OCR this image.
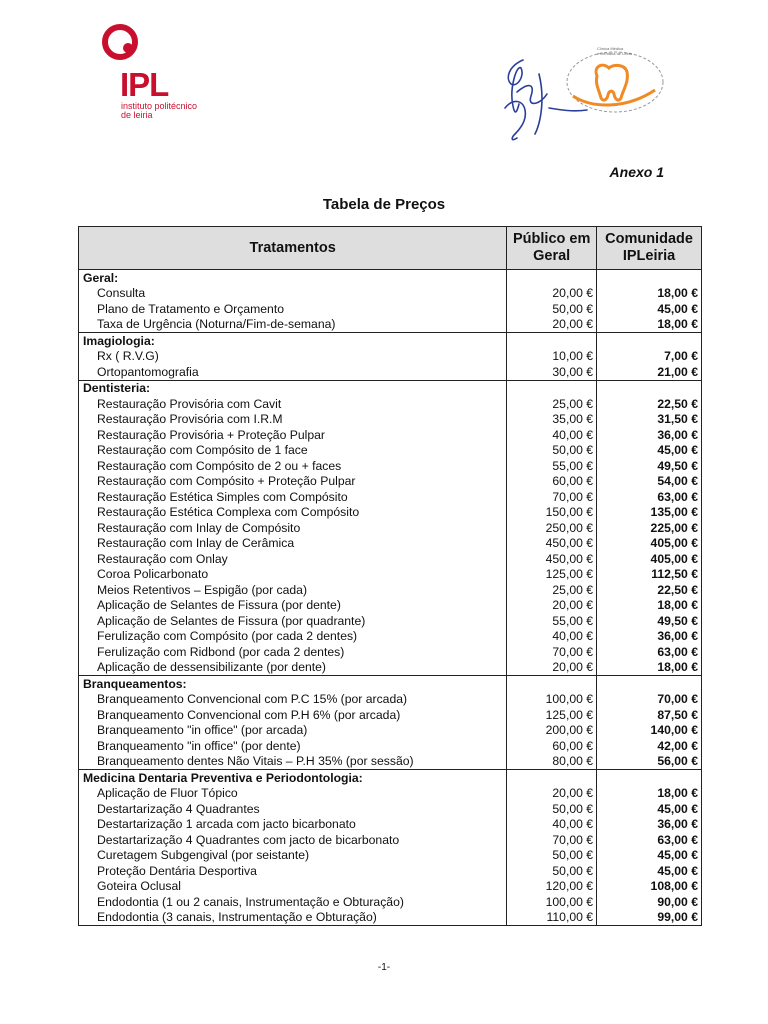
IPL
instituto politécnico
de leiria
Clínica Médica
e Dentária de Leiria
Anexo 1
Tabela de Preços
Tratamentos	Público em Geral	Comunidade IPLeiria
Geral:		
Consulta	20,00 €	18,00 €
Plano de Tratamento e Orçamento	50,00 €	45,00 €
Taxa de Urgência (Noturna/Fim-de-semana)	20,00 €	18,00 €
Imagiologia:		
Rx ( R.V.G)	10,00 €	7,00 €
Ortopantomografia	30,00 €	21,00 €
Dentisteria:		
Restauração Provisória com Cavit	25,00 €	22,50 €
Restauração Provisória com I.R.M	35,00 €	31,50 €
Restauração Provisória + Proteção Pulpar	40,00 €	36,00 €
Restauração com Compósito de 1 face	50,00 €	45,00 €
Restauração com Compósito de 2 ou + faces	55,00 €	49,50 €
Restauração com Compósito + Proteção Pulpar	60,00 €	54,00 €
Restauração Estética Simples com Compósito	70,00 €	63,00 €
Restauração Estética Complexa com Compósito	150,00 €	135,00 €
Restauração com Inlay de Compósito	250,00 €	225,00 €
Restauração com Inlay de Cerâmica	450,00 €	405,00 €
Restauração com Onlay	450,00 €	405,00 €
Coroa Policarbonato	125,00 €	112,50 €
Meios Retentivos – Espigão (por cada)	25,00 €	22,50 €
Aplicação de Selantes de Fissura (por dente)	20,00 €	18,00 €
Aplicação de Selantes de Fissura (por quadrante)	55,00 €	49,50 €
Ferulização com Compósito (por cada 2 dentes)	40,00 €	36,00 €
Ferulização com Ridbond (por cada 2 dentes)	70,00 €	63,00 €
Aplicação de dessensibilizante (por dente)	20,00 €	18,00 €
Branqueamentos:		
Branqueamento Convencional com P.C 15% (por arcada)	100,00 €	70,00 €
Branqueamento Convencional com P.H 6% (por arcada)	125,00 €	87,50 €
Branqueamento "in office" (por arcada)	200,00 €	140,00 €
Branqueamento "in office" (por dente)	60,00 €	42,00 €
Branqueamento dentes Não Vitais – P.H 35% (por sessão)	80,00 €	56,00 €
Medicina Dentaria Preventiva e Periodontologia:		
Aplicação de Fluor Tópico	20,00 €	18,00 €
Destartarização 4 Quadrantes	50,00 €	45,00 €
Destartarização 1 arcada com jacto bicarbonato	40,00 €	36,00 €
Destartarização 4 Quadrantes com jacto de bicarbonato	70,00 €	63,00 €
Curetagem Subgengival (por seistante)	50,00 €	45,00 €
Proteção Dentária Desportiva	50,00 €	45,00 €
Goteira Oclusal	120,00 €	108,00 €
Endodontia (1 ou 2 canais, Instrumentação e Obturação)	100,00 €	90,00 €
Endodontia (3 canais, Instrumentação e Obturação)	110,00 €	99,00 €
-1-
